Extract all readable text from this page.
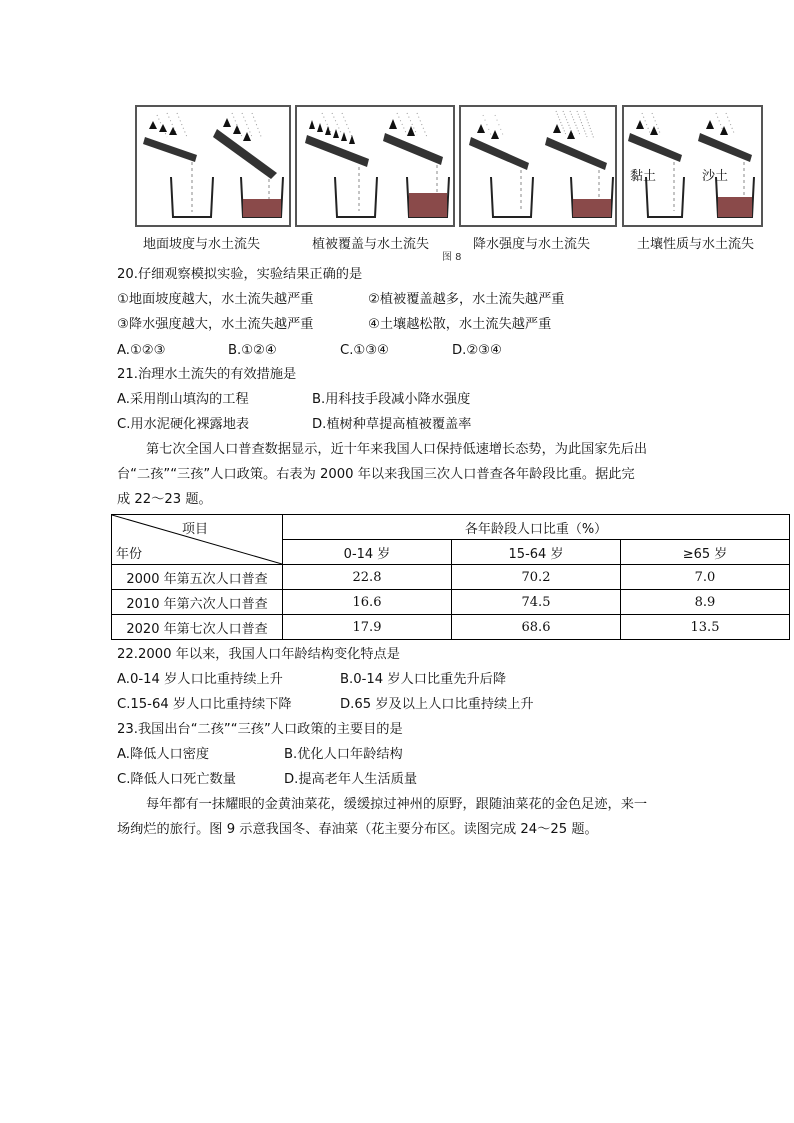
黏土	沙土
地面坡度与水土流失	植被覆盖与水土流失	降水强度与水土流失	土壤性质与水土流失
图 8
20.仔细观察模拟实验，实验结果正确的是
①地面坡度越大，水土流失越严重	②植被覆盖越多，水土流失越严重
③降水强度越大，水土流失越严重	④土壤越松散，水土流失越严重
A.①②③	B.①②④	C.①③④	D.②③④
21.治理水土流失的有效措施是
A.采用削山填沟的工程	B.用科技手段减小降水强度
C.用水泥硬化裸露地表	D.植树种草提高植被覆盖率
第七次全国人口普查数据显示，近十年来我国人口保持低速增长态势，为此国家先后出
台“二孩”“三孩”人口政策。右表为 2000 年以来我国三次人口普查各年龄段比重。据此完
成 22～23 题。
项目
年份	各年龄段人口比重（%）		
	0-14 岁	15-64 岁	≥65 岁
2000 年第五次人口普查	22.8	70.2	7.0
2010 年第六次人口普查	16.6	74.5	8.9
2020 年第七次人口普查	17.9	68.6	13.5
22.2000 年以来，我国人口年龄结构变化特点是
A.0-14 岁人口比重持续上升	B.0-14 岁人口比重先升后降
C.15-64 岁人口比重持续下降	D.65 岁及以上人口比重持续上升
23.我国出台“二孩”“三孩”人口政策的主要目的是
A.降低人口密度	B.优化人口年龄结构
C.降低人口死亡数量	D.提高老年人生活质量
每年都有一抹耀眼的金黄油菜花，缓缓掠过神州的原野，跟随油菜花的金色足迹，来一
场绚烂的旅行。图 9 示意我国冬、春油菜（花主要分布区。读图完成 24～25 题。
